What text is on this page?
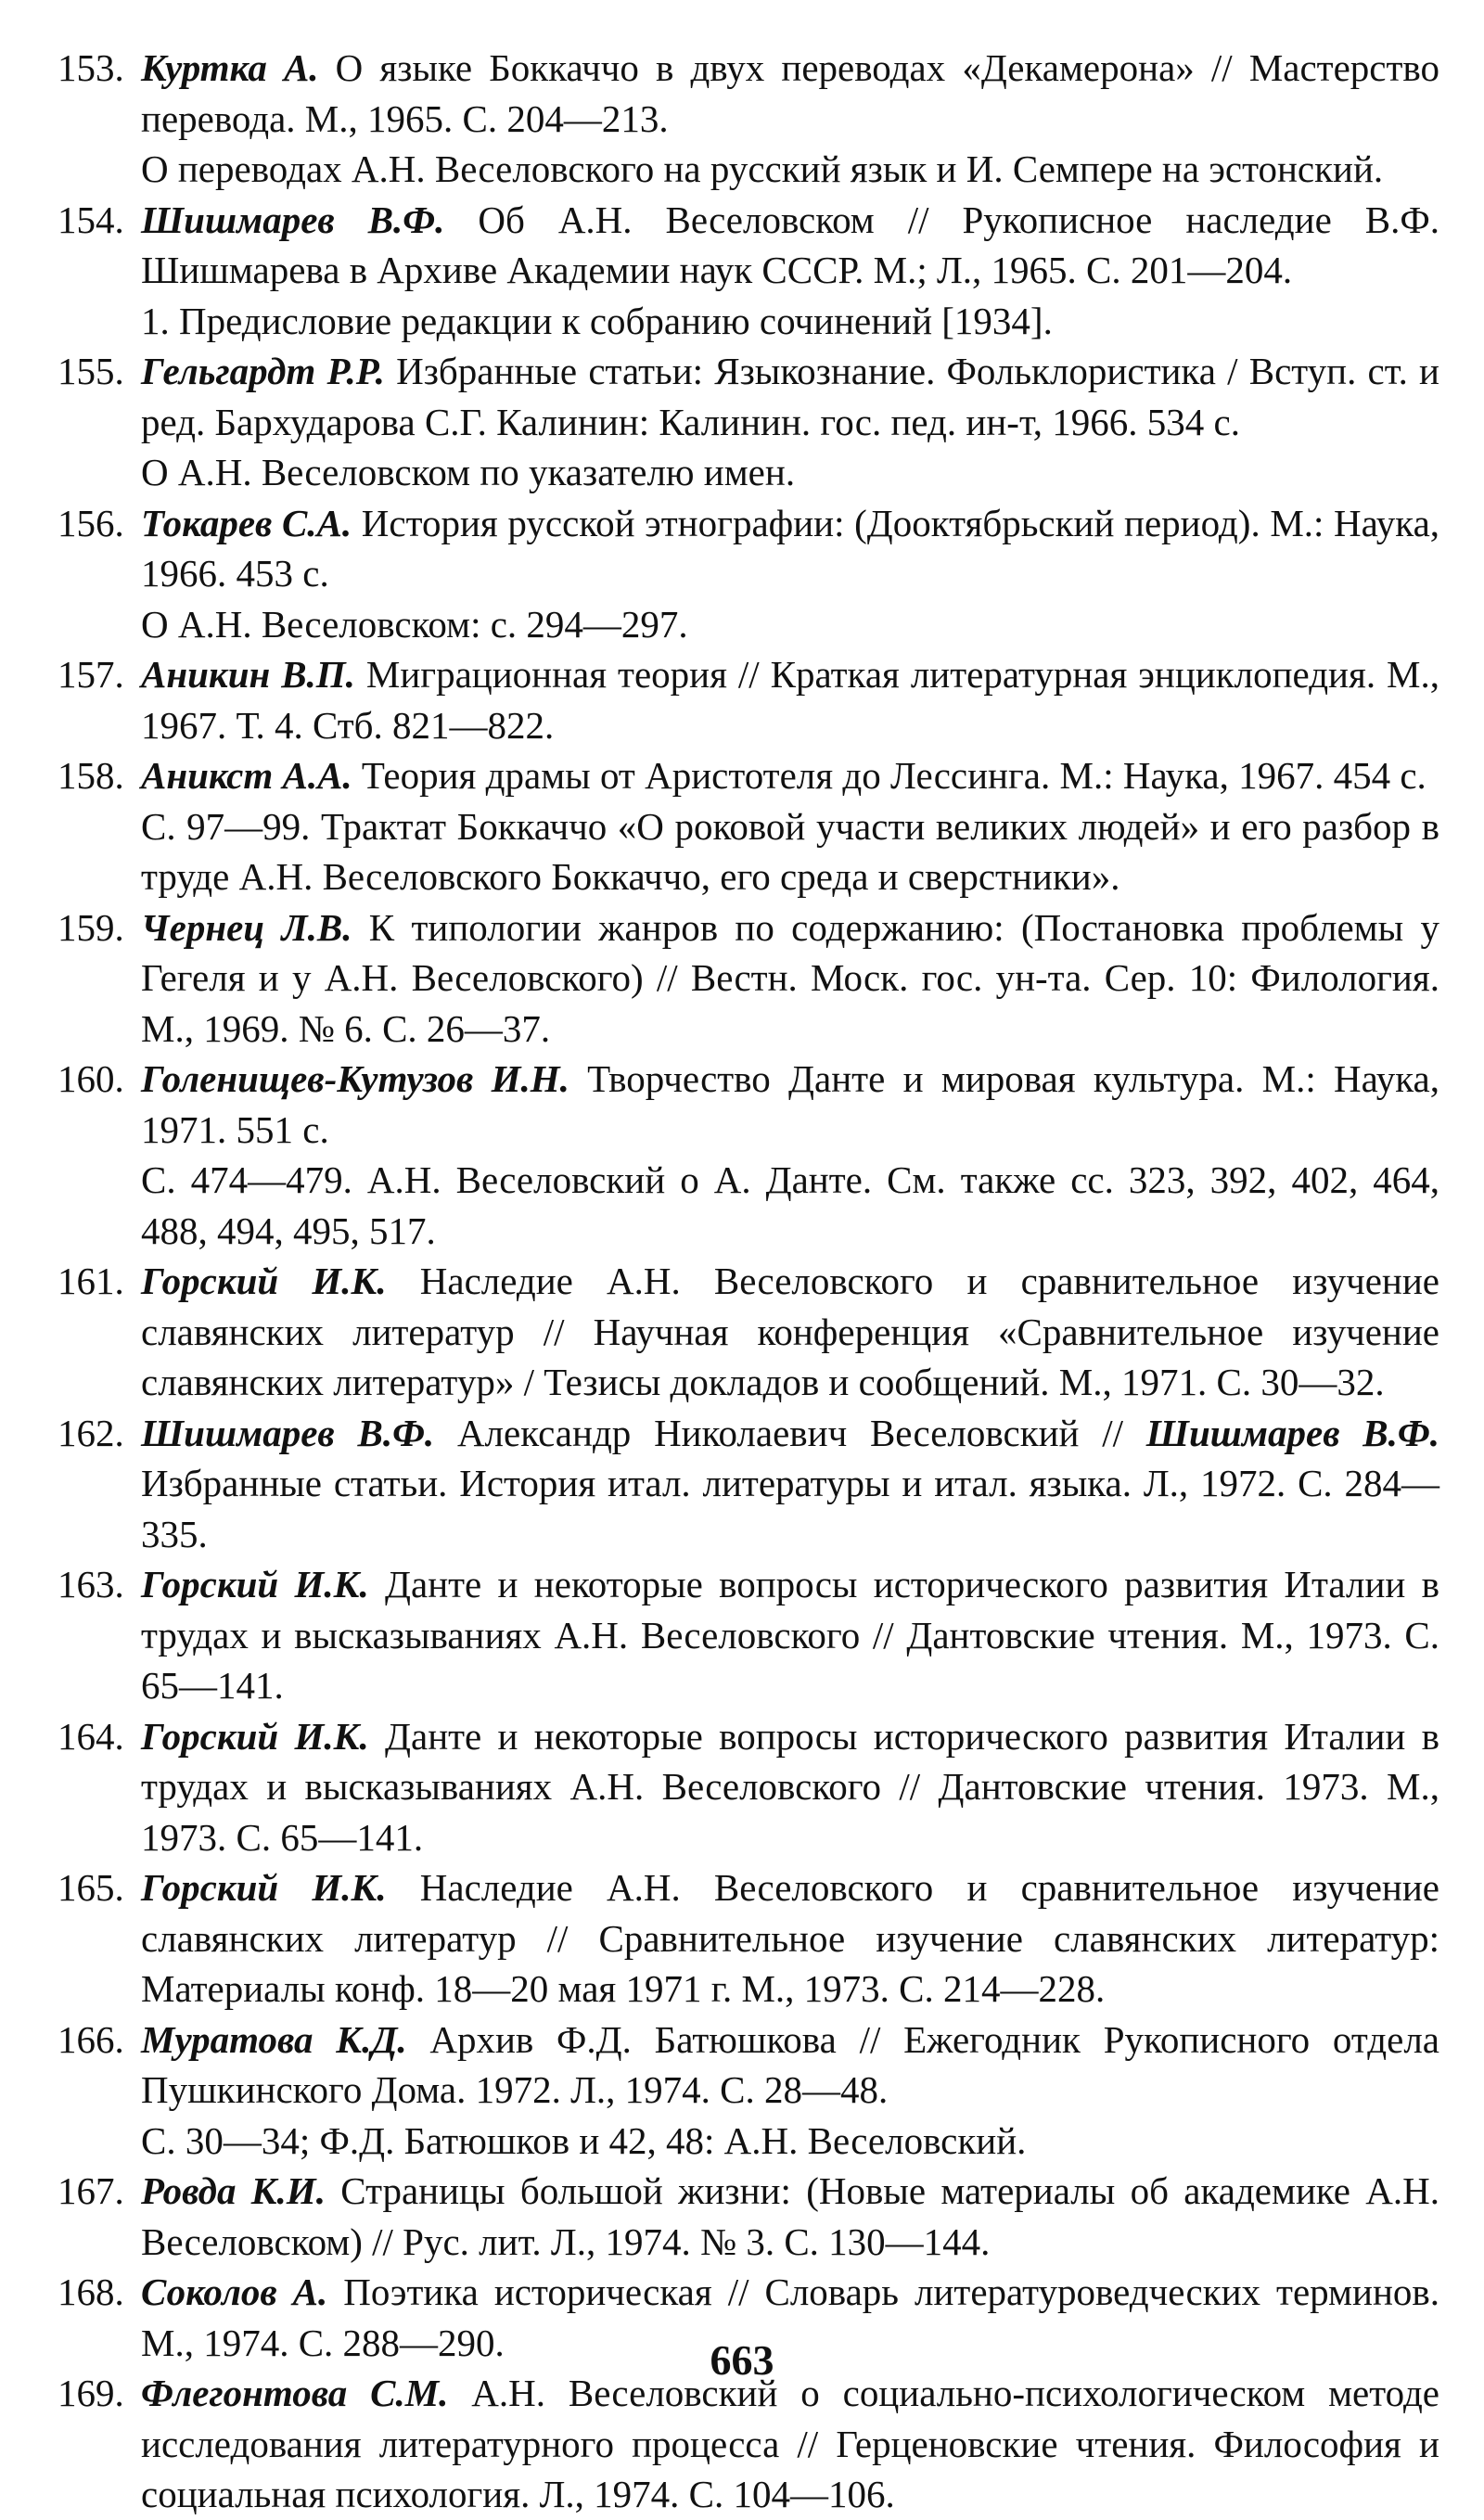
153. Куртка А. О языке Боккаччо в двух переводах «Декамерона» // Мастерство перевода. М., 1965. С. 204—213.
О переводах А.Н. Веселовского на русский язык и И. Семпере на эстонский.
154. Шишмарев В.Ф. Об А.Н. Веселовском // Рукописное наследие В.Ф. Шишмарева в Архиве Академии наук СССР. М.; Л., 1965. С. 201—204.
1. Предисловие редакции к собранию сочинений [1934].
155. Гельгардт Р.Р. Избранные статьи: Языкознание. Фольклористика / Вступ. ст. и ред. Бархударова С.Г. Калинин: Калинин. гос. пед. ин-т, 1966. 534 с.
О А.Н. Веселовском по указателю имен.
156. Токарев С.А. История русской этнографии: (Дооктябрьский период). М.: Наука, 1966. 453 с.
О А.Н. Веселовском: с. 294—297.
157. Аникин В.П. Миграционная теория // Краткая литературная энциклопедия. М., 1967. Т. 4. Стб. 821—822.
158. Аникст А.А. Теория драмы от Аристотеля до Лессинга. М.: Наука, 1967. 454 с.
С. 97—99. Трактат Боккаччо «О роковой участи великих людей» и его разбор в труде А.Н. Веселовского Боккаччо, его среда и сверстники».
159. Чернец Л.В. К типологии жанров по содержанию: (Постановка проблемы у Гегеля и у А.Н. Веселовского) // Вестн. Моск. гос. ун-та. Сер. 10: Филология. М., 1969. № 6. С. 26—37.
160. Голенищев-Кутузов И.Н. Творчество Данте и мировая культура. М.: Наука, 1971. 551 с.
С. 474—479. А.Н. Веселовский о А. Данте. См. также сс. 323, 392, 402, 464, 488, 494, 495, 517.
161. Горский И.К. Наследие А.Н. Веселовского и сравнительное изучение славянских литератур // Научная конференция «Сравнительное изучение славянских литератур» / Тезисы докладов и сообщений. М., 1971. С. 30—32.
162. Шишмарев В.Ф. Александр Николаевич Веселовский // Шишмарев В.Ф. Избранные статьи. История итал. литературы и итал. языка. Л., 1972. С. 284—335.
163. Горский И.К. Данте и некоторые вопросы исторического развития Италии в трудах и высказываниях А.Н. Веселовского // Дантовские чтения. М., 1973. С. 65—141.
164. Горский И.К. Данте и некоторые вопросы исторического развития Италии в трудах и высказываниях А.Н. Веселовского // Дантовские чтения. 1973. М., 1973. С. 65—141.
165. Горский И.К. Наследие А.Н. Веселовского и сравнительное изучение славянских литератур // Сравнительное изучение славянских литератур: Материалы конф. 18—20 мая 1971 г. М., 1973. С. 214—228.
166. Муратова К.Д. Архив Ф.Д. Батюшкова // Ежегодник Рукописного отдела Пушкинского Дома. 1972. Л., 1974. С. 28—48.
С. 30—34; Ф.Д. Батюшков и 42, 48: А.Н. Веселовский.
167. Ровда К.И. Страницы большой жизни: (Новые материалы об академике А.Н. Веселовском) // Рус. лит. Л., 1974. № 3. С. 130—144.
168. Соколов А. Поэтика историческая // Словарь литературоведческих терминов. М., 1974. С. 288—290.
169. Флегонтова С.М. А.Н. Веселовский о социально-психологическом методе исследования литературного процесса // Герценовские чтения. Философия и социальная психология. Л., 1974. С. 104—106.
663
